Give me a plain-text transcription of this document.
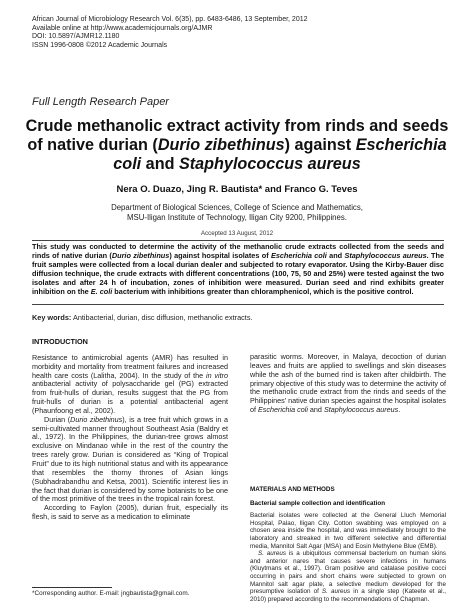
African Journal of Microbiology Research Vol. 6(35), pp. 6483-6486, 13 September, 2012
Available online at http://www.academicjournals.org/AJMR
DOI: 10.5897/AJMR12.1180
ISSN 1996-0808 ©2012 Academic Journals
Full Length Research Paper
Crude methanolic extract activity from rinds and seeds of native durian (Durio zibethinus) against Escherichia coli and Staphylococcus aureus
Nera O. Duazo, Jing R. Bautista* and Franco G. Teves
Department of Biological Sciences, College of Science and Mathematics,
MSU-Iligan Institute of Technology, Iligan City 9200, Philippines.
Accepted 13 August, 2012
This study was conducted to determine the activity of the methanolic crude extracts collected from the seeds and rinds of native durian (Durio zibethinus) against hospital isolates of Escherichia coli and Staphylococcus aureus. The fruit samples were collected from a local durian dealer and subjected to rotary evaporator. Using the Kirby-Bauer disc diffusion technique, the crude extracts with different concentrations (100, 75, 50 and 25%) were tested against the two isolates and after 24 h of incubation, zones of inhibition were measured. Durian seed and rind exhibits greater inhibition on the E. coli bacterium with inhibitions greater than chloramphenicol, which is the positive control.
Key words: Antibacterial, durian, disc diffusion, methanolic extracts.
INTRODUCTION

Resistance to antimicrobial agents (AMR) has resulted in morbidity and mortality from treatment failures and increased health care costs (Lalitha, 2004). In the study of the in vitro antibacterial activity of polysaccharide gel (PG) extracted from fruit-hulls of durian, results suggest that the PG from fruit-hulls of durian is a potential antibacterial agent (Phaunfoong et al., 2002).

Durian (Durio zibethinus), is a tree fruit which grows in a semi-cultivated manner throughout Southeast Asia (Baldry et al., 1972). In the Philippines, the durian-tree grows almost exclusive on Mindanao while in the rest of the country the trees rarely grow. Durian is considered as “King of Tropical Fruit” due to its high nutritional status and with its appearance that resembles the thorny thrones of Asian kings (Subhadrabandhu and Ketsa, 2001). Scientific interest lies in the fact that durian is considered by some botanists to be one of the most primitive of the trees in the tropical rain forest.

According to Faylon (2005), durian fruit, especially its flesh, is said to serve as a medication to eliminate

parasitic worms. Moreover, in Malaya, decoction of durian leaves and fruits are applied to swellings and skin diseases while the ash of the burned rind is taken after childbirth. The primary objective of this study was to determine the activity of the methanolic crude extract from the rinds and seeds of the Philippines’ native durian species against the hospital isolates of Escherichia coli and Staphylococcus aureus.

MATERIALS AND METHODS
Bacterial sample collection and identification

Bacterial isolates were collected at the General Lluch Memorial Hospital, Palao, Iligan City. Cotton swabbing was employed on a chosen area inside the hospital, and was immediately brought to the laboratory and streaked in two different selective and differential media, Mannitol Salt Agar (MSA) and Eosin Methylene Blue (EMB).

S. aureus is a ubiquitous commensal bacterium on human skins and anterior nares that causes severe infections in humans (Kluytmans et al., 1997). Gram positive and catalase positive cocci occurring in pairs and short chains were subjected to grown on Mannitol salt agar plate, a selective medium developed for the presumptive isolation of S. aureus in a single step (Kateete et al., 2010) prepared according to the recommendations of Chapman.

*Corresponding author. E-mail: jngbautista@gmail.com.
